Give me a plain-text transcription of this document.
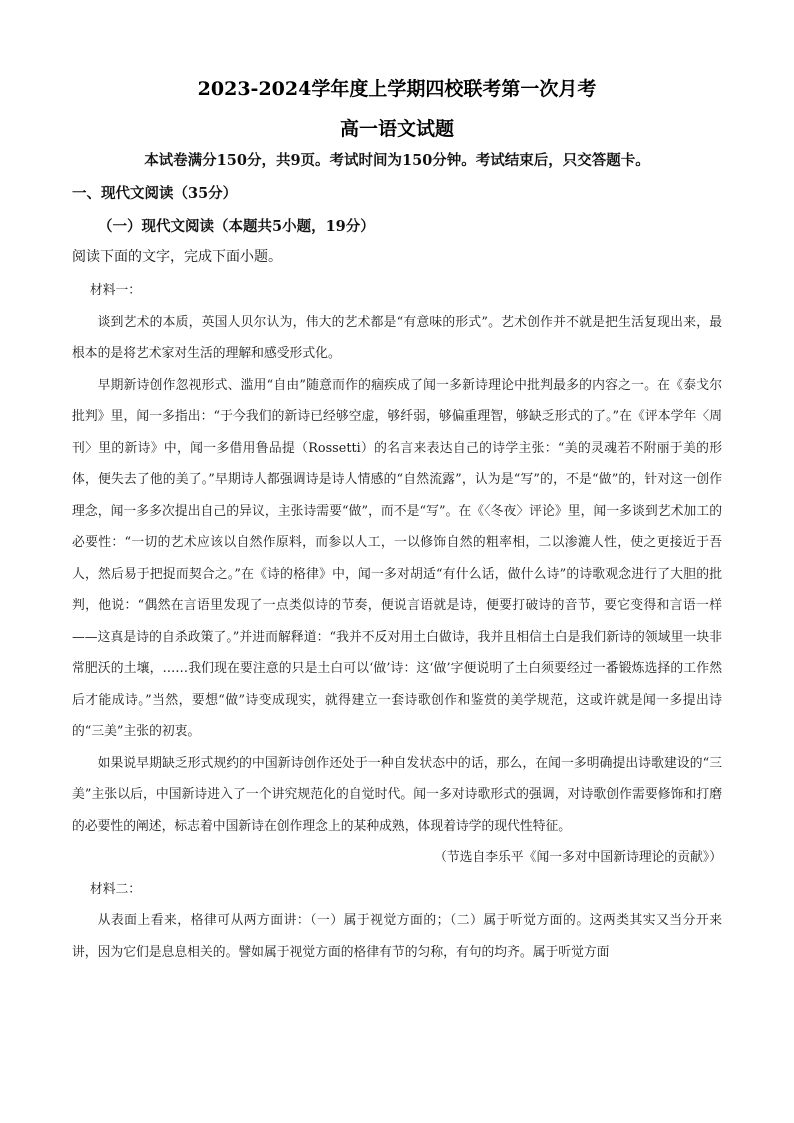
2023-2024学年度上学期四校联考第一次月考
高一语文试题
本试卷满分150分，共9页。考试时间为150分钟。考试结束后，只交答题卡。
一、现代文阅读（35分）
（一）现代文阅读（本题共5小题，19分）
阅读下面的文字，完成下面小题。

材料一：

谈到艺术的本质，英国人贝尔认为，伟大的艺术都是“有意味的形式”。艺术创作并不就是把生活复现出来，最根本的是将艺术家对生活的理解和感受形式化。

早期新诗创作忽视形式、滥用“自由”随意而作的痼疾成了闻一多新诗理论中批判最多的内容之一。在《泰戈尔批判》里，闻一多指出：“于今我们的新诗已经够空虚，够纤弱，够偏重理智，够缺乏形式的了。”在《评本学年〈周刊〉里的新诗》中，闻一多借用鲁品提（Rossetti）的名言来表达自己的诗学主张：“美的灵魂若不附丽于美的形体，便失去了他的美了。”早期诗人都强调诗是诗人情感的“自然流露”，认为是“写”的，不是“做”的，针对这一创作理念，闻一多多次提出自己的异议，主张诗需要“做”，而不是“写”。在《〈冬夜〉评论》里，闻一多谈到艺术加工的必要性：“一切的艺术应该以自然作原料，而参以人工，一以修饰自然的粗率相，二以渗漉人性，使之更接近于吾人，然后易于把捉而契合之。”在《诗的格律》中，闻一多对胡适“有什么话，做什么诗”的诗歌观念进行了大胆的批判，他说：“偶然在言语里发现了一点类似诗的节奏，便说言语就是诗，便要打破诗的音节，要它变得和言语一样——这真是诗的自杀政策了。”并进而解释道：“我并不反对用土白做诗，我并且相信土白是我们新诗的领域里一块非常肥沃的土壤，……我们现在要注意的只是土白可以‘做’诗：这‘做’字便说明了土白须要经过一番锻炼选择的工作然后才能成诗。”当然，要想“做”诗变成现实，就得建立一套诗歌创作和鉴赏的美学规范，这或许就是闻一多提出诗的“三美”主张的初衷。

如果说早期缺乏形式规约的中国新诗创作还处于一种自发状态中的话，那么，在闻一多明确提出诗歌建设的“三美”主张以后，中国新诗进入了一个讲究规范化的自觉时代。闻一多对诗歌形式的强调，对诗歌创作需要修饰和打磨的必要性的阐述，标志着中国新诗在创作理念上的某种成熟，体现着诗学的现代性特征。

（节选自李乐平《闻一多对中国新诗理论的贡献》）

材料二：

从表面上看来，格律可从两方面讲：（一）属于视觉方面的；（二）属于听觉方面的。这两类其实又当分开来讲，因为它们是息息相关的。譬如属于视觉方面的格律有节的匀称，有句的均齐。属于听觉方面
